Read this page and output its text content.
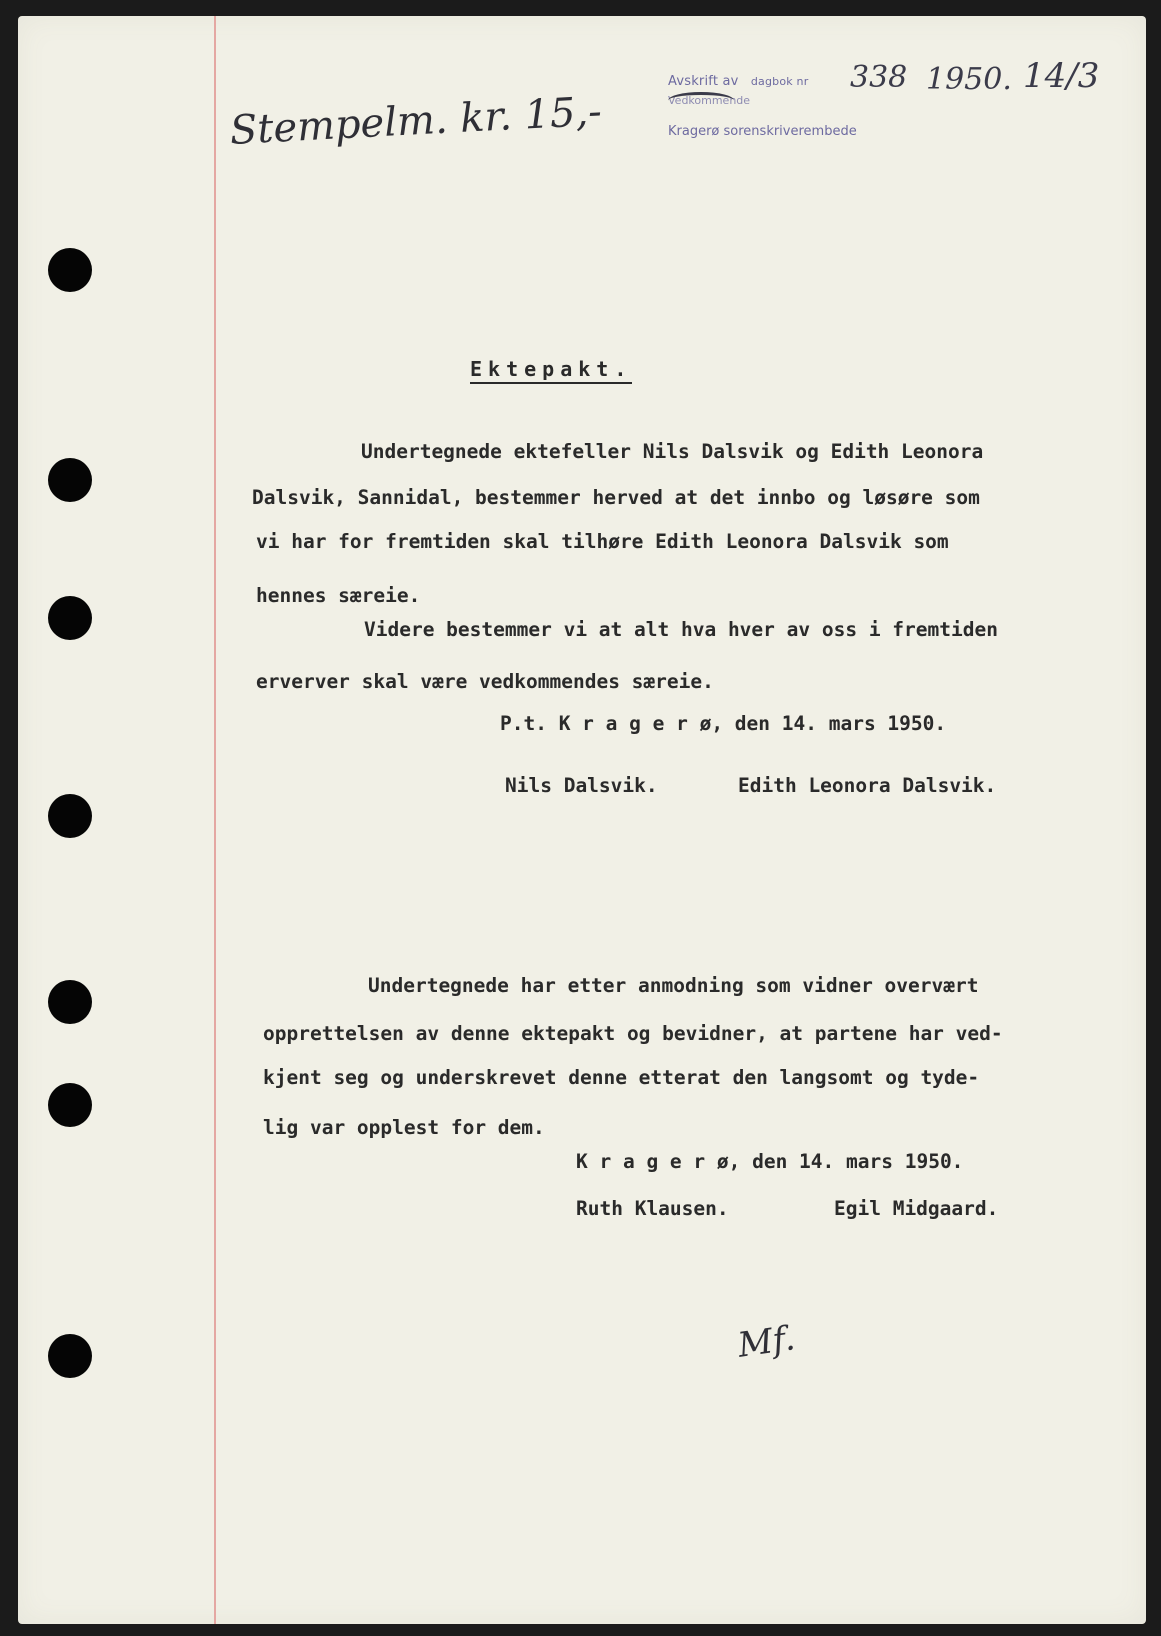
Avskrift av dagbok nr
Vedkommende
Kragerø sorenskriverembede
338 1950. 14/3
Stempelm. kr. 15,-
Ektepakt.
Undertegnede ektefeller Nils Dalsvik og Edith Leonora
Dalsvik, Sannidal, bestemmer herved at det innbo og løsøre som
vi har for fremtiden skal tilhøre Edith Leonora Dalsvik som
hennes særeie.
Videre bestemmer vi at alt hva hver av oss i fremtiden
erverver skal være vedkommendes særeie.
P.t. K r a g e r ø, den 14. mars 1950.
Nils Dalsvik.	Edith Leonora Dalsvik.
Undertegnede har etter anmodning som vidner overvært
opprettelsen av denne ektepakt og bevidner, at partene har ved-
kjent seg og underskrevet denne etterat den langsomt og tyde-
lig var opplest for dem.
K r a g e r ø, den 14. mars 1950.
Ruth Klausen.	Egil Midgaard.
Mf.
